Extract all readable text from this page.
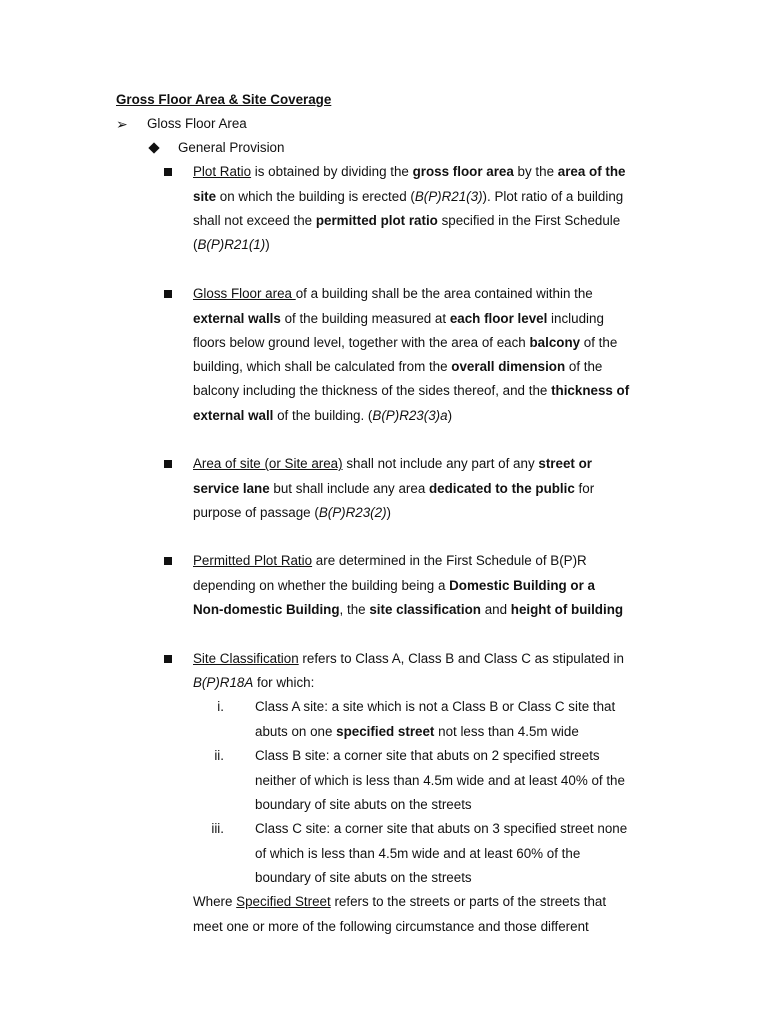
Gross Floor Area & Site Coverage
➢ Gloss Floor Area
General Provision
Plot Ratio is obtained by dividing the gross floor area by the area of the
site on which the building is erected (B(P)R21(3)). Plot ratio of a building
shall not exceed the permitted plot ratio specified in the First Schedule
(B(P)R21(1))
Gloss Floor area of a building shall be the area contained within the
external walls of the building measured at each floor level including
floors below ground level, together with the area of each balcony of the
building, which shall be calculated from the overall dimension of the
balcony including the thickness of the sides thereof, and the thickness of
external wall of the building. (B(P)R23(3)a)
Area of site (or Site area) shall not include any part of any street or
service lane but shall include any area dedicated to the public for
purpose of passage (B(P)R23(2))
Permitted Plot Ratio are determined in the First Schedule of B(P)R
depending on whether the building being a Domestic Building or a
Non-domestic Building, the site classification and height of building
Site Classification refers to Class A, Class B and Class C as stipulated in
B(P)R18A for which:
i. Class A site: a site which is not a Class B or Class C site that
abuts on one specified street not less than 4.5m wide
ii. Class B site: a corner site that abuts on 2 specified streets
neither of which is less than 4.5m wide and at least 40% of the
boundary of site abuts on the streets
iii. Class C site: a corner site that abuts on 3 specified street none
of which is less than 4.5m wide and at least 60% of the
boundary of site abuts on the streets
Where Specified Street refers to the streets or parts of the streets that
meet one or more of the following circumstance and those different
